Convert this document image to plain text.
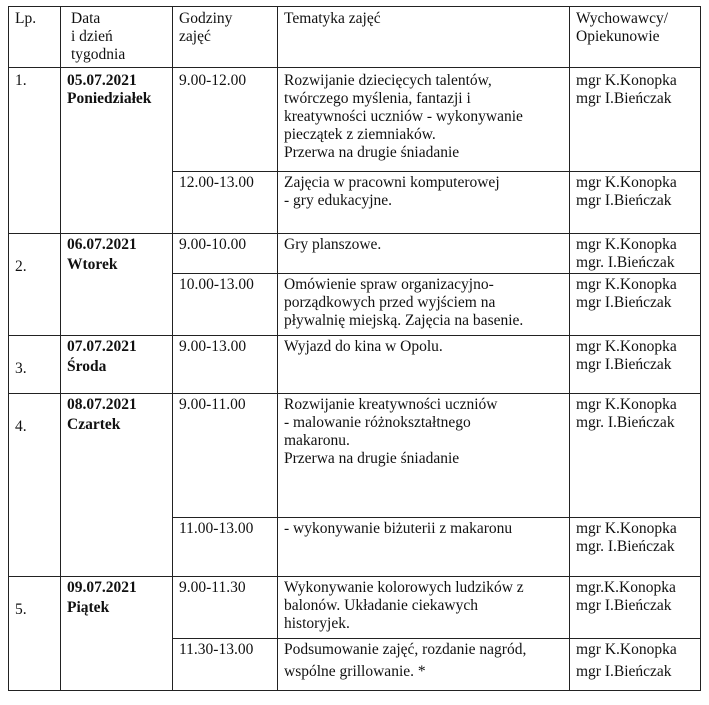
Lp.	Data
i dzień
tygodnia	Godziny
zajęć	Tematyka zajęć	Wychowawcy/
Opiekunowie

1.	05.07.2021
Poniedziałek	9.00-12.00	Rozwijanie dziecięcych talentów,
twórczego myślenia, fantazji i
kreatywności uczniów - wykonywanie
pieczątek z ziemniaków.
Przerwa na drugie śniadanie	mgr K.Konopka
mgr I.Bieńczak

		12.00-13.00	Zajęcia w pracowni komputerowej
- gry edukacyjne.	mgr K.Konopka
mgr I.Bieńczak

2.	06.07.2021
Wtorek	9.00-10.00	Gry planszowe.	mgr K.Konopka
mgr. I.Bieńczak

		10.00-13.00	Omówienie spraw organizacyjno-
porządkowych przed wyjściem na
pływalnię miejską. Zajęcia na basenie.	mgr K.Konopka
mgr I.Bieńczak

3.	07.07.2021
Środa	9.00-13.00	Wyjazd do kina w Opolu.	mgr K.Konopka
mgr I.Bieńczak

4.	08.07.2021
Czartek	9.00-11.00	Rozwijanie kreatywności uczniów
- malowanie różnokształtnego
makaronu.
Przerwa na drugie śniadanie	mgr K.Konopka
mgr. I.Bieńczak

		11.00-13.00	- wykonywanie biżuterii z makaronu	mgr K.Konopka
mgr. I.Bieńczak

5.	09.07.2021
Piątek	9.00-11.30	Wykonywanie kolorowych ludzików z
balonów. Układanie ciekawych
historyjek.	mgr.K.Konopka
mgr I.Bieńczak

		11.30-13.00	Podsumowanie zajęć, rozdanie nagród,
wspólne grillowanie. *	mgr K.Konopka
mgr I.Bieńczak
